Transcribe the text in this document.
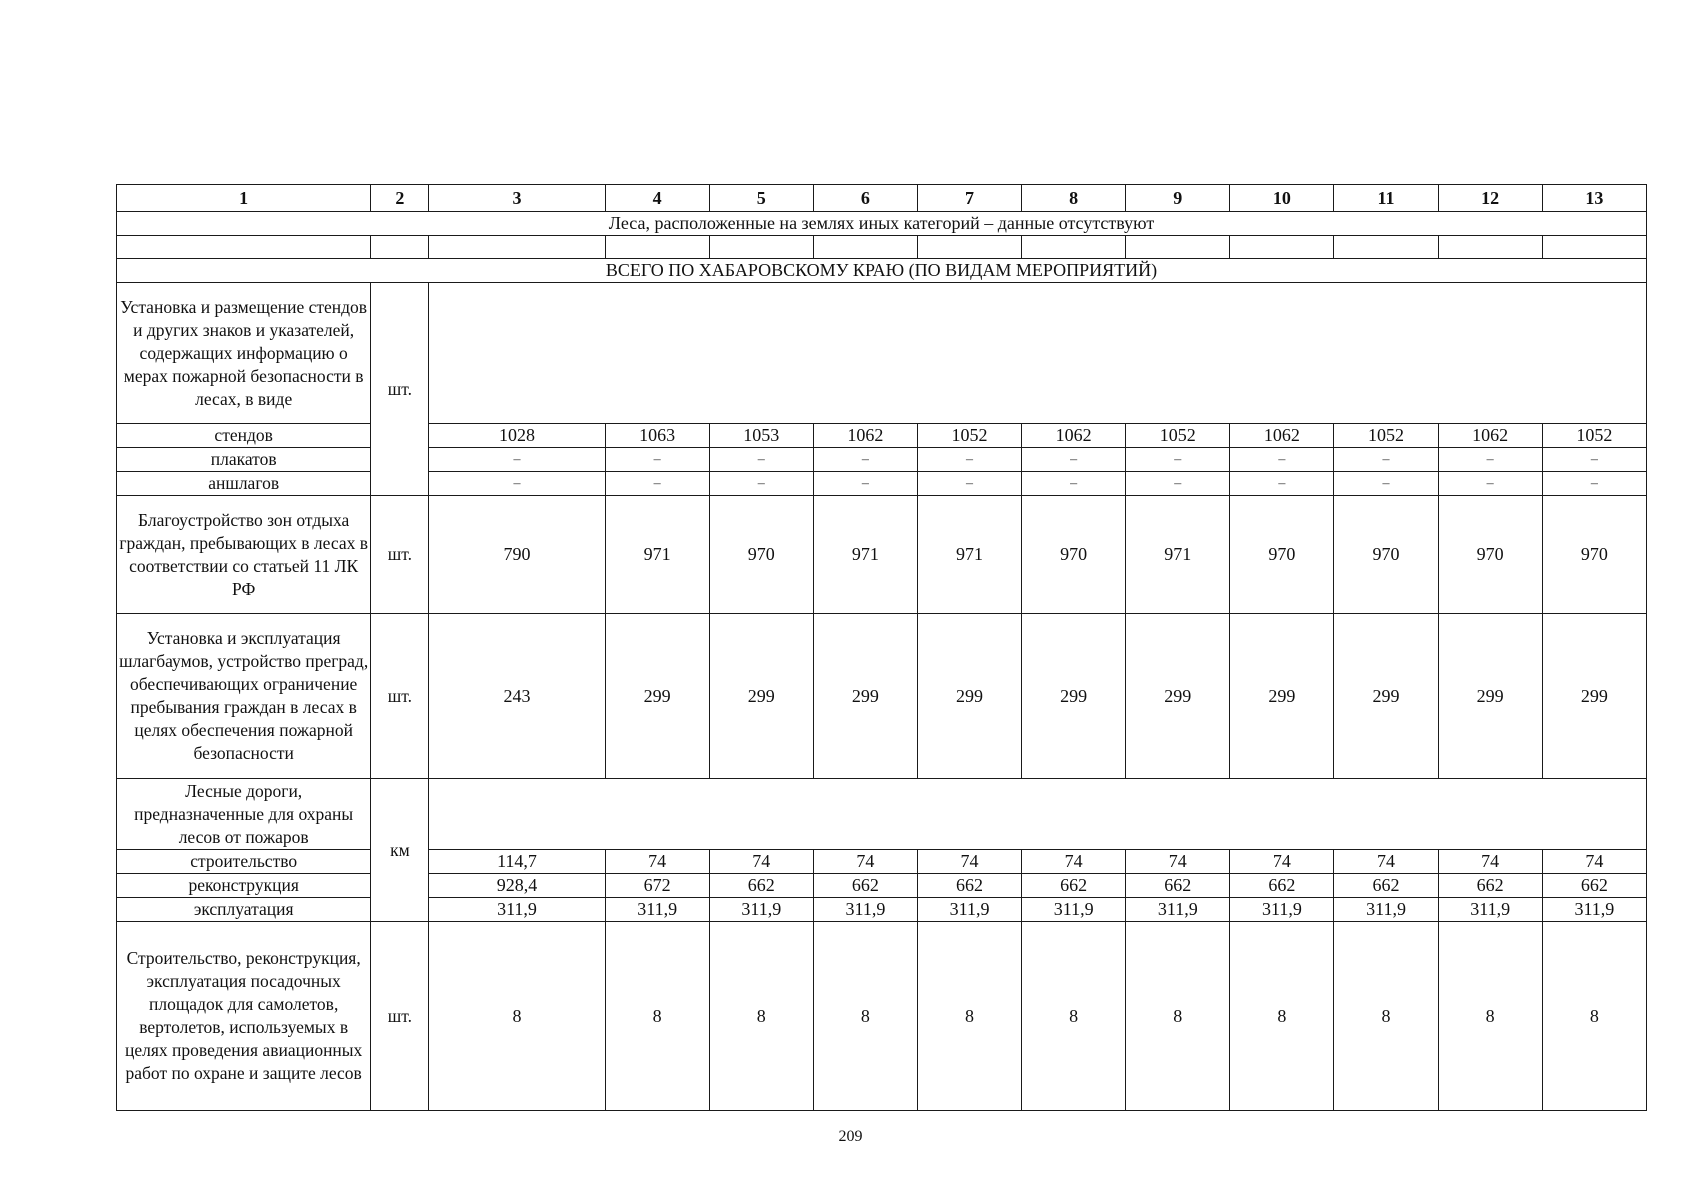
1	2	3	4	5	6	7	8	9	10	11	12	13
Леса, расположенные на землях иных категорий – данные отсутствуют												

ВСЕГО ПО ХАБАРОВСКОМУ КРАЮ (ПО ВИДАМ МЕРОПРИЯТИЙ)												
Установка и размещение стендов и других знаков и указателей, содержащих информацию о мерах пожарной безопасности в лесах, в виде	шт.											
стендов		1028	1063	1053	1062	1052	1062	1052	1062	1052	1062	1052
плакатов		–	–	–	–	–	–	–	–	–	–	–
аншлагов		–	–	–	–	–	–	–	–	–	–	–
Благоустройство зон отдыха граждан, пребывающих в лесах в соответствии со статьей 11 ЛК РФ	шт.	790	971	970	971	971	970	971	970	970	970	970
Установка и эксплуатация шлагбаумов, устройство преград, обеспечивающих ограничение пребывания граждан в лесах в целях обеспечения пожарной безопасности	шт.	243	299	299	299	299	299	299	299	299	299	299
Лесные дороги, предназначенные для охраны лесов от пожаров	км											
строительство		114,7	74	74	74	74	74	74	74	74	74	74
реконструкция		928,4	672	662	662	662	662	662	662	662	662	662
эксплуатация		311,9	311,9	311,9	311,9	311,9	311,9	311,9	311,9	311,9	311,9	311,9
Строительство, реконструкция, эксплуатация посадочных площадок для самолетов, вертолетов, используемых в целях проведения авиационных работ по охране и защите лесов	шт.	8	8	8	8	8	8	8	8	8	8	8
209
